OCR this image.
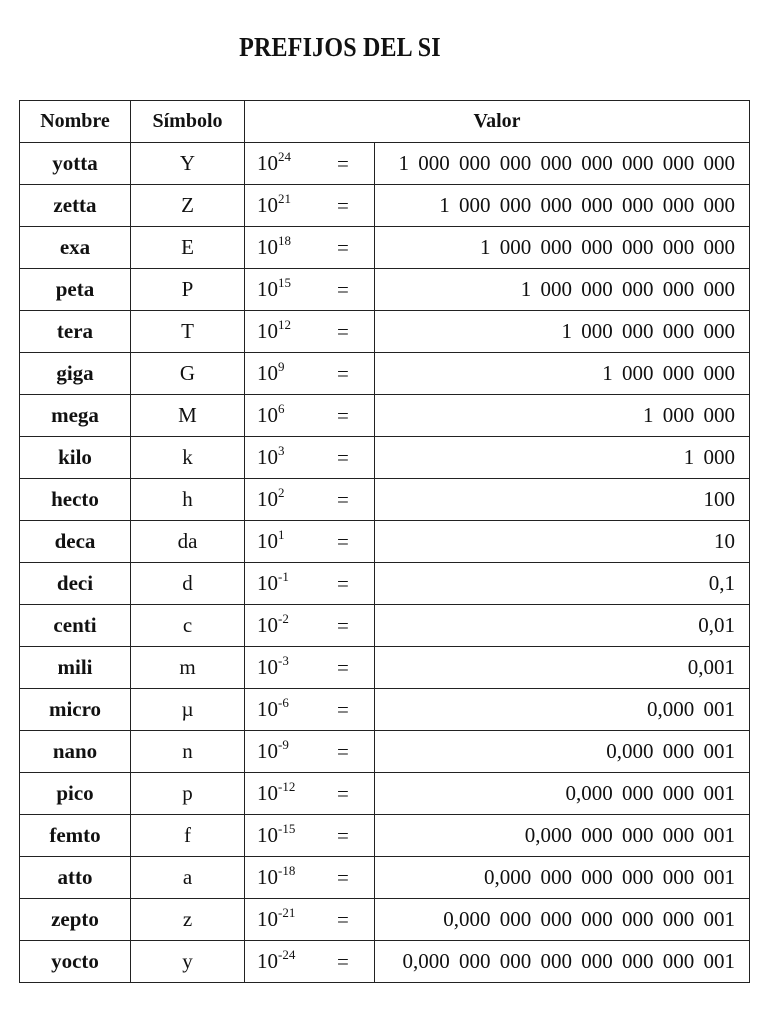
PREFIJOS DEL SI
Nombre	Símbolo	Valor	
yotta	Y	$10^{24}$ =	1 000 000 000 000 000 000 000 000
zetta	Z	$10^{21}$ =	1 000 000 000 000 000 000 000
exa	E	$10^{18}$ =	1 000 000 000 000 000 000
peta	P	$10^{15}$ =	1 000 000 000 000 000
tera	T	$10^{12}$ =	1 000 000 000 000
giga	G	$10^9$ =	1 000 000 000
mega	M	$10^6$ =	1 000 000
kilo	k	$10^3$ =	1 000
hecto	h	$10^2$ =	100
deca	da	$10^1$ =	10
deci	d	$10^{-1}$ =	0,1
centi	c	$10^{-2}$ =	0,01
mili	m	$10^{-3}$ =	0,001
micro	µ	$10^{-6}$ =	0,000 001
nano	n	$10^{-9}$ =	0,000 000 001
pico	p	$10^{-12}$ =	0,000 000 000 001
femto	f	$10^{-15}$ =	0,000 000 000 000 001
atto	a	$10^{-18}$ =	0,000 000 000 000 000 001
zepto	z	$10^{-21}$ =	0,000 000 000 000 000 000 001
yocto	y	$10^{-24}$ =	0,000 000 000 000 000 000 000 001
